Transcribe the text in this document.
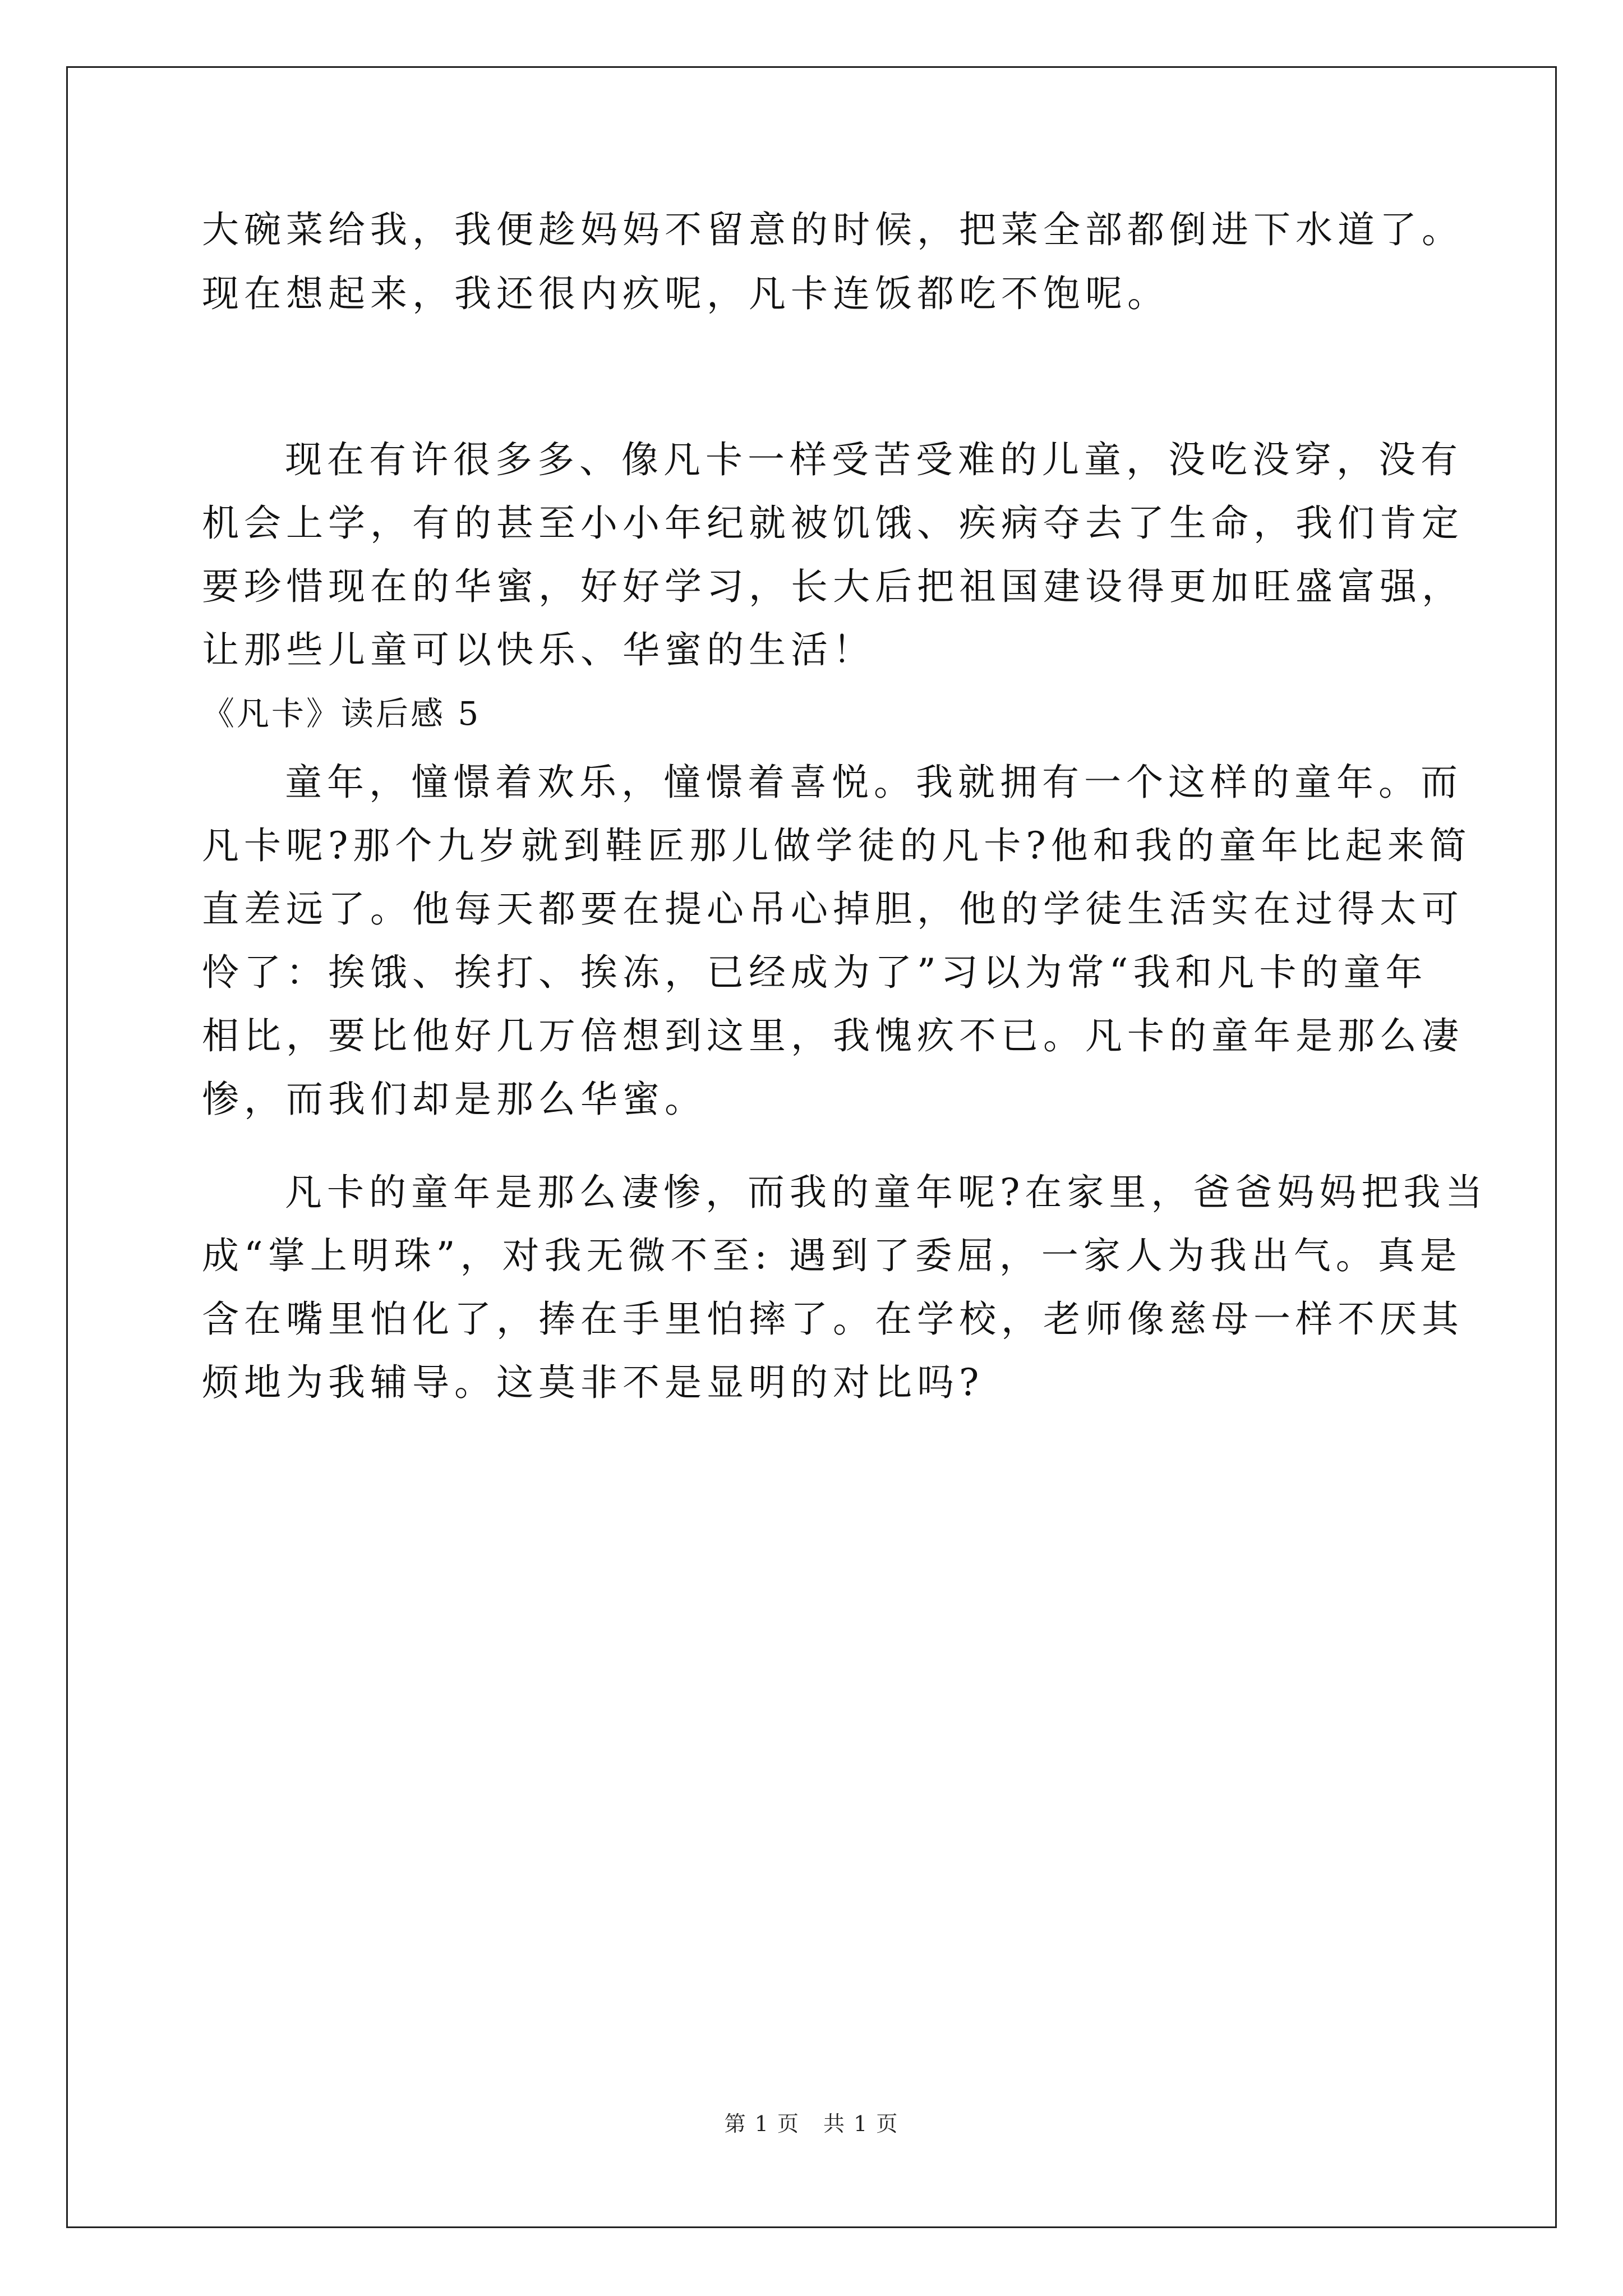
大碗菜给我，我便趁妈妈不留意的时候，把菜全部都倒进下水道了。
现在想起来，我还很内疚呢，凡卡连饭都吃不饱呢。
现在有许很多多、像凡卡一样受苦受难的儿童，没吃没穿，没有
机会上学，有的甚至小小年纪就被饥饿、疾病夺去了生命，我们肯定
要珍惜现在的华蜜，好好学习，长大后把祖国建设得更加旺盛富强，
让那些儿童可以快乐、华蜜的生活！
《凡卡》读后感 5
童年，憧憬着欢乐，憧憬着喜悦。我就拥有一个这样的童年。而
凡卡呢?那个九岁就到鞋匠那儿做学徒的凡卡?他和我的童年比起来简
直差远了。他每天都要在提心吊心掉胆，他的学徒生活实在过得太可
怜了：挨饿、挨打、挨冻，已经成为了”习以为常“我和凡卡的童年
相比，要比他好几万倍想到这里，我愧疚不已。凡卡的童年是那么凄
惨，而我们却是那么华蜜。
凡卡的童年是那么凄惨，而我的童年呢?在家里，爸爸妈妈把我当
成“掌上明珠”，对我无微不至: 遇到了委屈，一家人为我出气。真是
含在嘴里怕化了，捧在手里怕摔了。在学校，老师像慈母一样不厌其
烦地为我辅导。这莫非不是显明的对比吗?
第 1 页 共 1 页
